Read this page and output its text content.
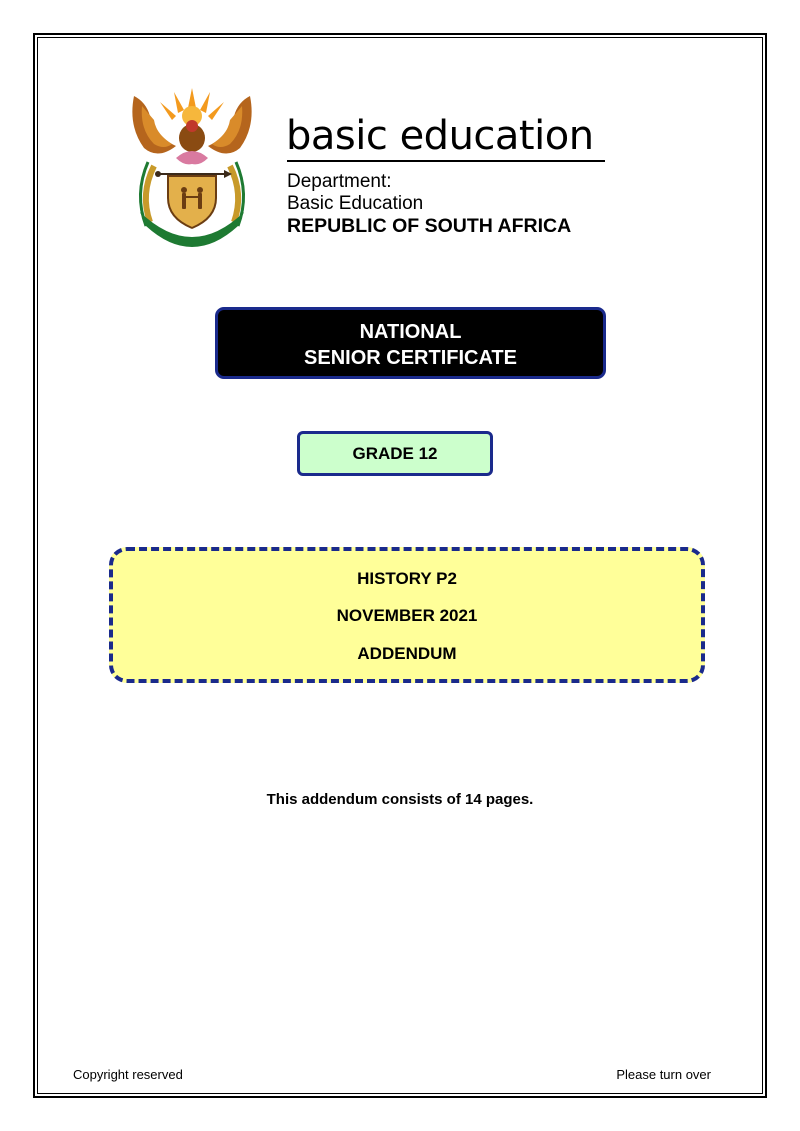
!KE E: /XARRA //KE
basic education
Department:
Basic Education
REPUBLIC OF SOUTH AFRICA
NATIONAL
SENIOR CERTIFICATE
GRADE 12
HISTORY P2
NOVEMBER 2021
ADDENDUM
This addendum consists of 14 pages.
Copyright reserved	Please turn over
